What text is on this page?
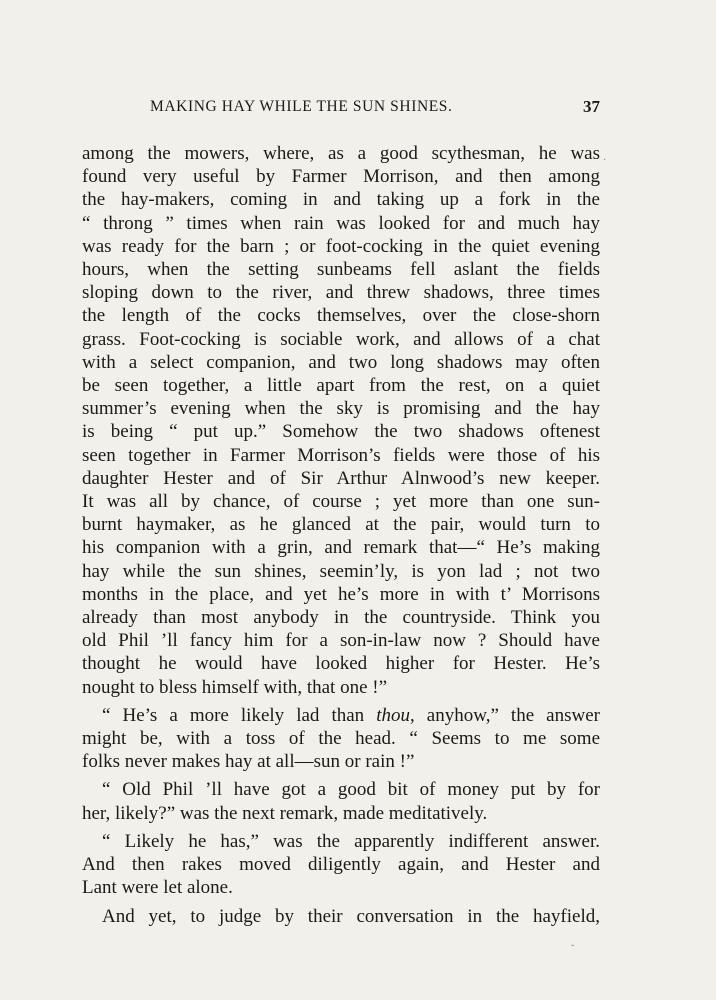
MAKING HAY WHILE THE SUN SHINES.	37
among the mowers, where, as a good scythesman, he was
found very useful by Farmer Morrison, and then among
the hay-makers, coming in and taking up a fork in the
“ throng ” times when rain was looked for and much hay
was ready for the barn ; or foot-cocking in the quiet evening
hours, when the setting sunbeams fell aslant the fields
sloping down to the river, and threw shadows, three times
the length of the cocks themselves, over the close-shorn
grass. Foot-cocking is sociable work, and allows of a chat
with a select companion, and two long shadows may often
be seen together, a little apart from the rest, on a quiet
summer’s evening when the sky is promising and the hay
is being “ put up.” Somehow the two shadows oftenest
seen together in Farmer Morrison’s fields were those of his
daughter Hester and of Sir Arthur Alnwood’s new keeper.
It was all by chance, of course ; yet more than one sun-
burnt haymaker, as he glanced at the pair, would turn to
his companion with a grin, and remark that—“ He’s making
hay while the sun shines, seemin’ly, is yon lad ; not two
months in the place, and yet he’s more in with t’ Morrisons
already than most anybody in the countryside. Think you
old Phil ’ll fancy him for a son-in-law now ? Should have
thought he would have looked higher for Hester. He’s
nought to bless himself with, that one !”
“ He’s a more likely lad than thou, anyhow,” the answer
might be, with a toss of the head. “ Seems to me some
folks never makes hay at all—sun or rain !”
“ Old Phil ’ll have got a good bit of money put by for
her, likely?” was the next remark, made meditatively.
“ Likely he has,” was the apparently indifferent answer.
And then rakes moved diligently again, and Hester and
Lant were let alone.
And yet, to judge by their conversation in the hayfield,
·
ˇ
